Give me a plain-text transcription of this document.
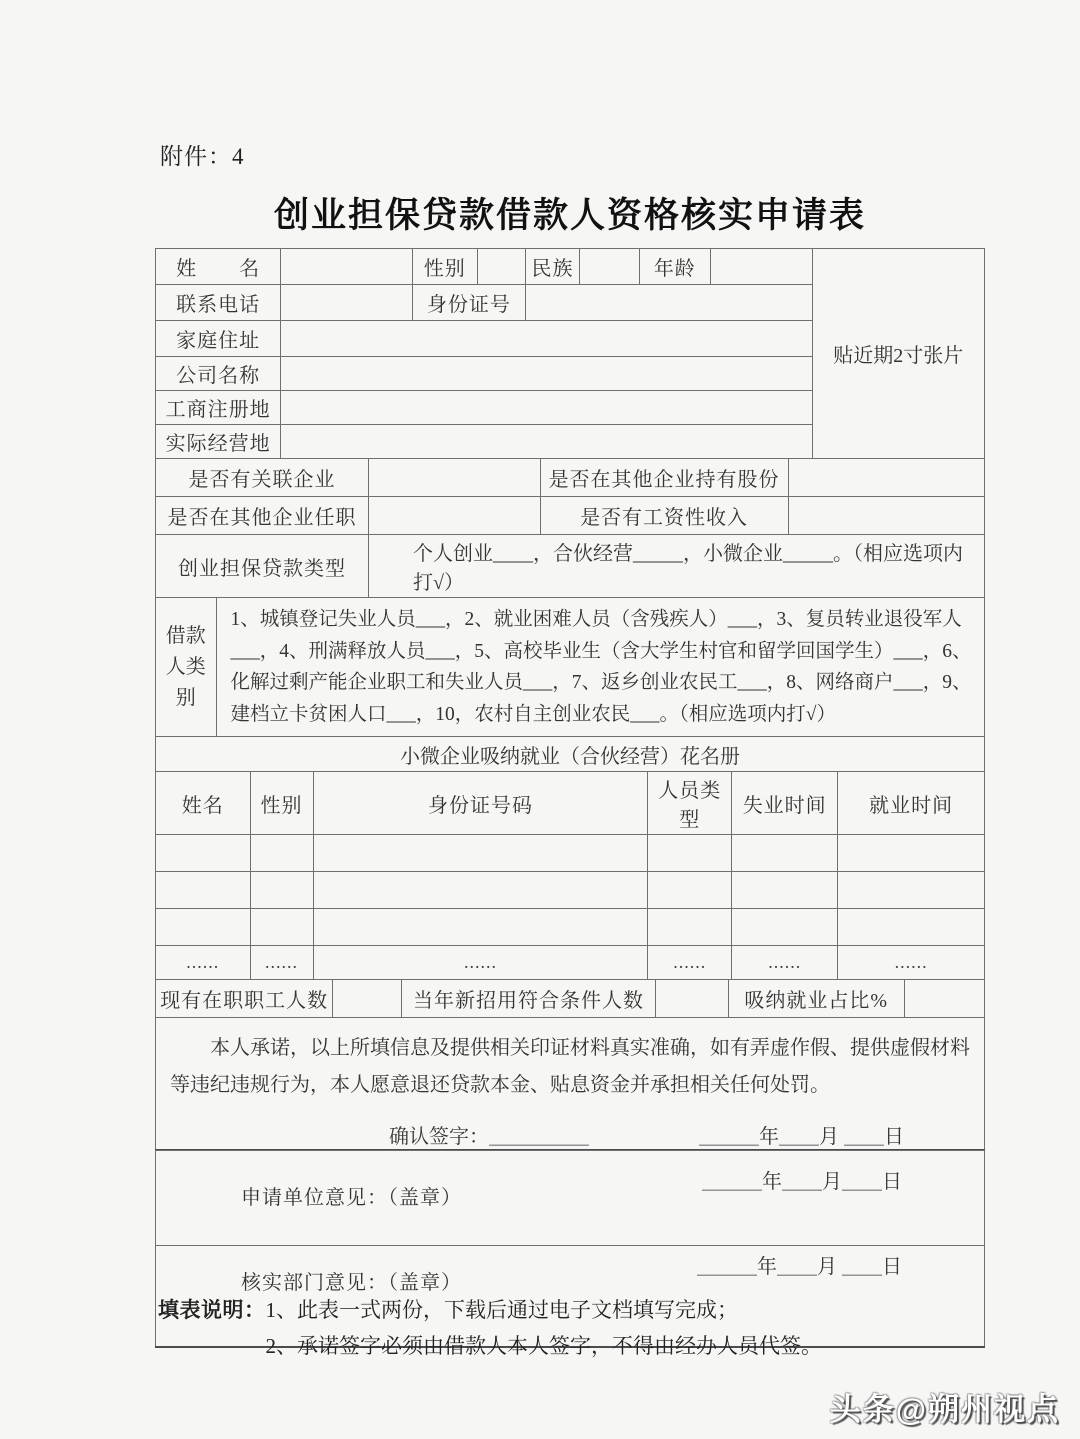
附件：4
创业担保贷款借款人资格核实申请表
姓　　名		性别		民族		年龄		贴近期2寸张片
联系电话		身份证号						
家庭住址								
公司名称								
工商注册地								
实际经营地								
是否有关联企业		是否在其他企业持有股份	
是否在其他企业任职		是否有工资性收入	
创业担保贷款类型	个人创业____，合伙经营_____，小微企业_____。（相应选项内打√）
借款
人类
别
	1、城镇登记失业人员___，2、就业困难人员（含残疾人）___，3、复员转业退役军人___，4、刑满释放人员___，5、高校毕业生（含大学生村官和留学回国学生）___，6、化解过剩产能企业职工和失业人员___，7、返乡创业农民工___，8、网络商户___，9、建档立卡贫困人口___，10，农村自主创业农民___。（相应选项内打√）
小微企业吸纳就业（合伙经营）花名册					
姓名	性别	身份证号码	人员类型	失业时间	就业时间

......	......	......	......	......	......
现有在职职工人数		当年新招用符合条件人数		吸纳就业占比%	
本人承诺，以上所填信息及提供相关印证材料真实准确，如有弄虚作假、提供虚假材料等违纪违规行为，本人愿意退还贷款本金、贴息资金并承担相关任何处罚。
确认签字： ＿＿＿＿＿	＿＿＿年＿＿月 ＿＿日
申请单位意见：（盖章）
＿＿＿年＿＿月＿＿日
核实部门意见：（盖章）
＿＿＿年＿＿月 ＿＿日
填表说明： 1、此表一式两份，下载后通过电子文档填写完成；
2、承诺签字必须由借款人本人签字，不得由经办人员代签。
头条@朔州视点
